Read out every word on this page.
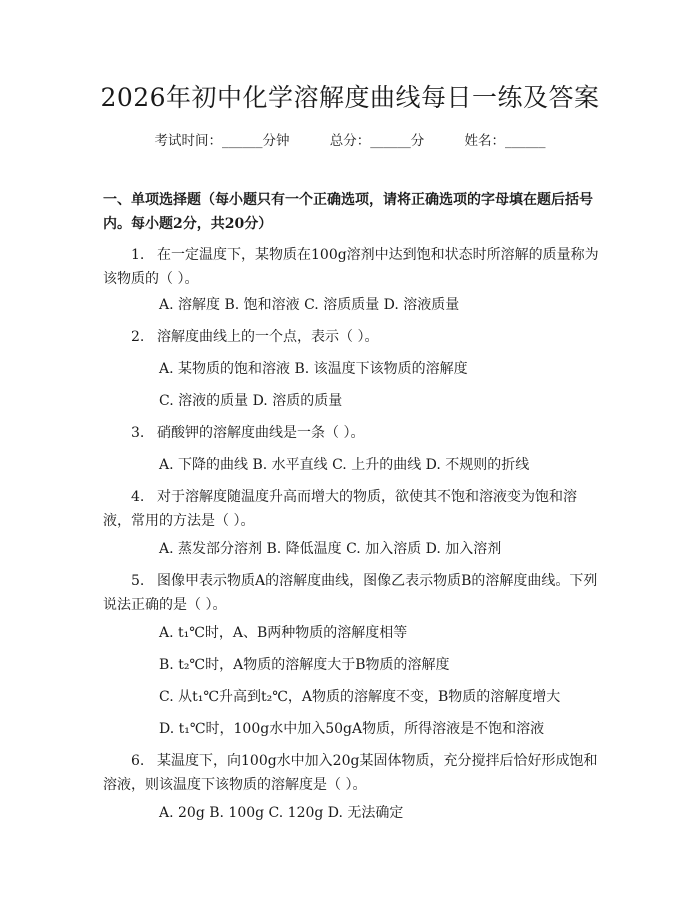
2026年初中化学溶解度曲线每日一练及答案
考试时间：______分钟	总分：______分	姓名：______
一、单项选择题（每小题只有一个正确选项，请将正确选项的字母填在题后括号内。每小题2分，共20分）
1. 在一定温度下，某物质在100g溶剂中达到饱和状态时所溶解的质量称为该物质的（ ）。
A. 溶解度 B. 饱和溶液 C. 溶质质量 D. 溶液质量
2. 溶解度曲线上的一个点，表示（ ）。
A. 某物质的饱和溶液 B. 该温度下该物质的溶解度
C. 溶液的质量 D. 溶质的质量
3. 硝酸钾的溶解度曲线是一条（ ）。
A. 下降的曲线 B. 水平直线 C. 上升的曲线 D. 不规则的折线
4. 对于溶解度随温度升高而增大的物质，欲使其不饱和溶液变为饱和溶液，常用的方法是（ ）。
A. 蒸发部分溶剂 B. 降低温度 C. 加入溶质 D. 加入溶剂
5. 图像甲表示物质A的溶解度曲线，图像乙表示物质B的溶解度曲线。下列说法正确的是（ ）。
A. t₁℃时，A、B两种物质的溶解度相等
B. t₂℃时，A物质的溶解度大于B物质的溶解度
C. 从t₁℃升高到t₂℃，A物质的溶解度不变，B物质的溶解度增大
D. t₁℃时，100g水中加入50gA物质，所得溶液是不饱和溶液
6. 某温度下，向100g水中加入20g某固体物质，充分搅拌后恰好形成饱和溶液，则该温度下该物质的溶解度是（ ）。
A. 20g B. 100g C. 120g D. 无法确定
